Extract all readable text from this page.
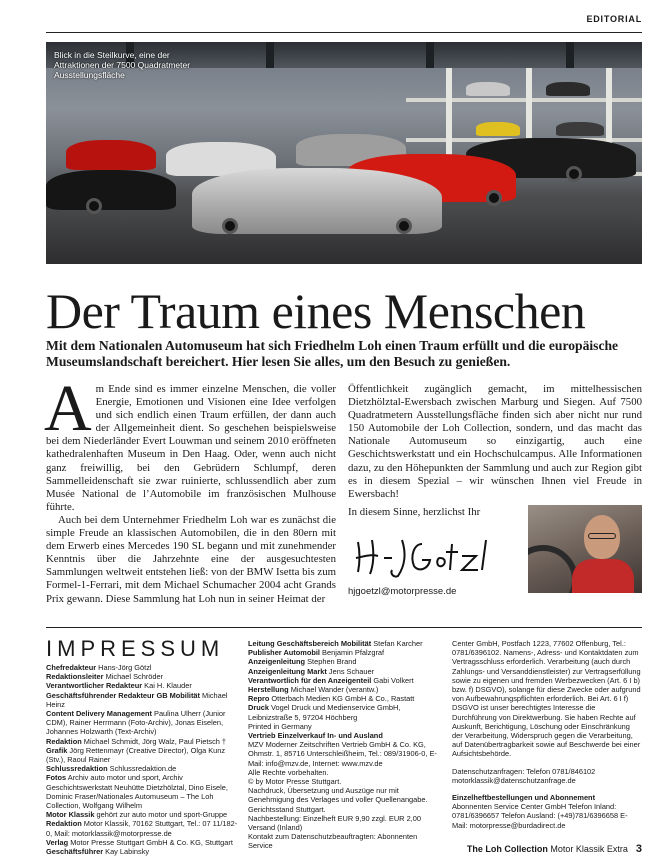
EDITORIAL
Blick in die Steilkurve, eine der Attraktionen der 7500 Quadratmeter Ausstellungsfläche
Der Traum eines Menschen
Mit dem Nationalen Automuseum hat sich Friedhelm Loh einen Traum erfüllt und die europäische Museumslandschaft bereichert. Hier lesen Sie alles, um den Besuch zu genießen.

Am Ende sind es immer einzelne Menschen, die voller Energie, Emotionen und Visionen eine Idee verfolgen und sich endlich einen Traum erfüllen, der dann auch der Allgemeinheit dient. So geschehen beispielsweise bei dem Niederländer Evert Louwman und seinem 2010 eröffneten kathedralenhaften Museum in Den Haag. Oder, wenn auch nicht ganz freiwillig, bei den Gebrüdern Schlumpf, deren Sammelleidenschaft sie zwar ruinierte, schlussendlich aber zum Musée National de l’Automobile im französischen Mulhouse führte.

Auch bei dem Unternehmer Friedhelm Loh war es zunächst die simple Freude an klassischen Automobilen, die in den 80ern mit dem Erwerb eines Mercedes 190 SL begann und mit zunehmender Kenntnis über die Jahrzehnte eine der ausgesuchtesten Sammlungen weltweit entstehen ließ: von der BMW Isetta bis zum Formel-1-Ferrari, mit dem Michael Schumacher 2004 acht Grands Prix gewann. Diese Sammlung hat Loh nun in seiner Heimat der

Öffentlichkeit zugänglich gemacht, im mittelhessischen Dietzhölztal-Ewersbach zwischen Marburg und Siegen. Auf 7500 Quadratmetern Ausstellungsfläche finden sich aber nicht nur rund 150 Automobile der Loh Collection, sondern, und das macht das Nationale Automuseum so einzigartig, auch eine Geschichtswerkstatt und ein Hochschulcampus. Alle Informationen dazu, zu den Höhepunkten der Sammlung und auch zur Region gibt es in diesem Spezial – wir wünschen Ihnen viel Freude in Ewersbach!

In diesem Sinne, herzlichst Ihr
hjgoetzl@motorpresse.de
IMPRESSUM
Chefredakteur Hans-Jörg Götzl
Redaktionsleiter Michael Schröder
Verantwortlicher Redakteur Kai H. Klauder
Geschäftsführender Redakteur GB Mobilität Michael Heinz
Content Delivery Management Paulina Ulherr (Junior CDM), Rainer Herrmann (Foto-Archiv), Jonas Eiselen, Johannes Holzwarth (Text-Archiv)
Redaktion Michael Schmidt, Jörg Walz, Paul Pietsch †
Grafik Jörg Rettenmayr (Creative Director), Olga Kunz (Stv.), Raoul Rainer
Schlussredaktion Schlussredaktion.de
Fotos Archiv auto motor und sport, Archiv Geschichtswerkstatt Neuhütte Dietzhölztal, Dino Eisele, Dominic Fraser/Nationales Automuseum – The Loh Collection, Wolfgang Wilhelm
Motor Klassik gehört zur auto motor und sport-Gruppe
Redaktion Motor Klassik, 70162 Stuttgart, Tel.: 07 11/182-0, Mail: motorklassik@motorpresse.de
Verlag Motor Presse Stuttgart GmbH & Co. KG, Stuttgart
Geschäftsführer Kay Labinsky
Leitung Geschäftsbereich Mobilität Stefan Karcher
Publisher Automobil Benjamin Pfalzgraf
Anzeigenleitung Stephen Brand
Anzeigenleitung Markt Jens Schauer
Verantwortlich für den Anzeigenteil Gabi Volkert
Herstellung Michael Wander (verantw.)
Repro Otterbach Medien KG GmbH & Co., Rastatt
Druck Vogel Druck und Medienservice GmbH, Leibnizstraße 5, 97204 Höchberg
Printed in Germany
Vertrieb Einzelverkauf In- und Ausland
MZV Moderner Zeitschriften Vertrieb GmbH & Co. KG, Ohmstr. 1, 85716 Unterschleißheim, Tel.: 089/31906-0, E-Mail: info@mzv.de, Internet: www.mzv.de
Alle Rechte vorbehalten.
© by Motor Presse Stuttgart.
Nachdruck, Übersetzung und Auszüge nur mit Genehmigung des Verlages und voller Quellenangabe. Gerichtsstand Stuttgart.
Nachbestellung: Einzelheft EUR 9,90 zzgl. EUR 2,00 Versand (Inland)
Kontakt zum Datenschutzbeauftragten: Abonnenten Service
Center GmbH, Postfach 1223, 77602 Offenburg, Tel.: 0781/6396102. Namens-, Adress- und Kontaktdaten zum Vertragsschluss erforderlich. Verarbeitung (auch durch Zahlungs- und Versanddienstleister) zur Vertragserfüllung sowie zu eigenen und fremden Werbezwecken (Art. 6 I b) bzw. f) DSGVO), solange für diese Zwecke oder aufgrund von Aufbewahrungspflichten erforderlich. Bei Art. 6 I f) DSGVO ist unser berechtigtes Interesse die Durchführung von Direktwerbung. Sie haben Rechte auf Auskunft, Berichtigung, Löschung oder Einschränkung der Verarbeitung, Widerspruch gegen die Verarbeitung, auf Datenübertragbarkeit sowie auf Beschwerde bei einer Aufsichtsbehörde.
Datenschutzanfragen: Telefon 0781/846102 motorklassik@datenschutzanfrage.de
Einzelheftbestellungen und Abonnement
Abonnenten Service Center GmbH Telefon Inland: 0781/6396657 Telefon Ausland: (+49)781/6396658 E-Mail: motorpresse@burdadirect.de
The Loh Collection Motor Klassik Extra 3
